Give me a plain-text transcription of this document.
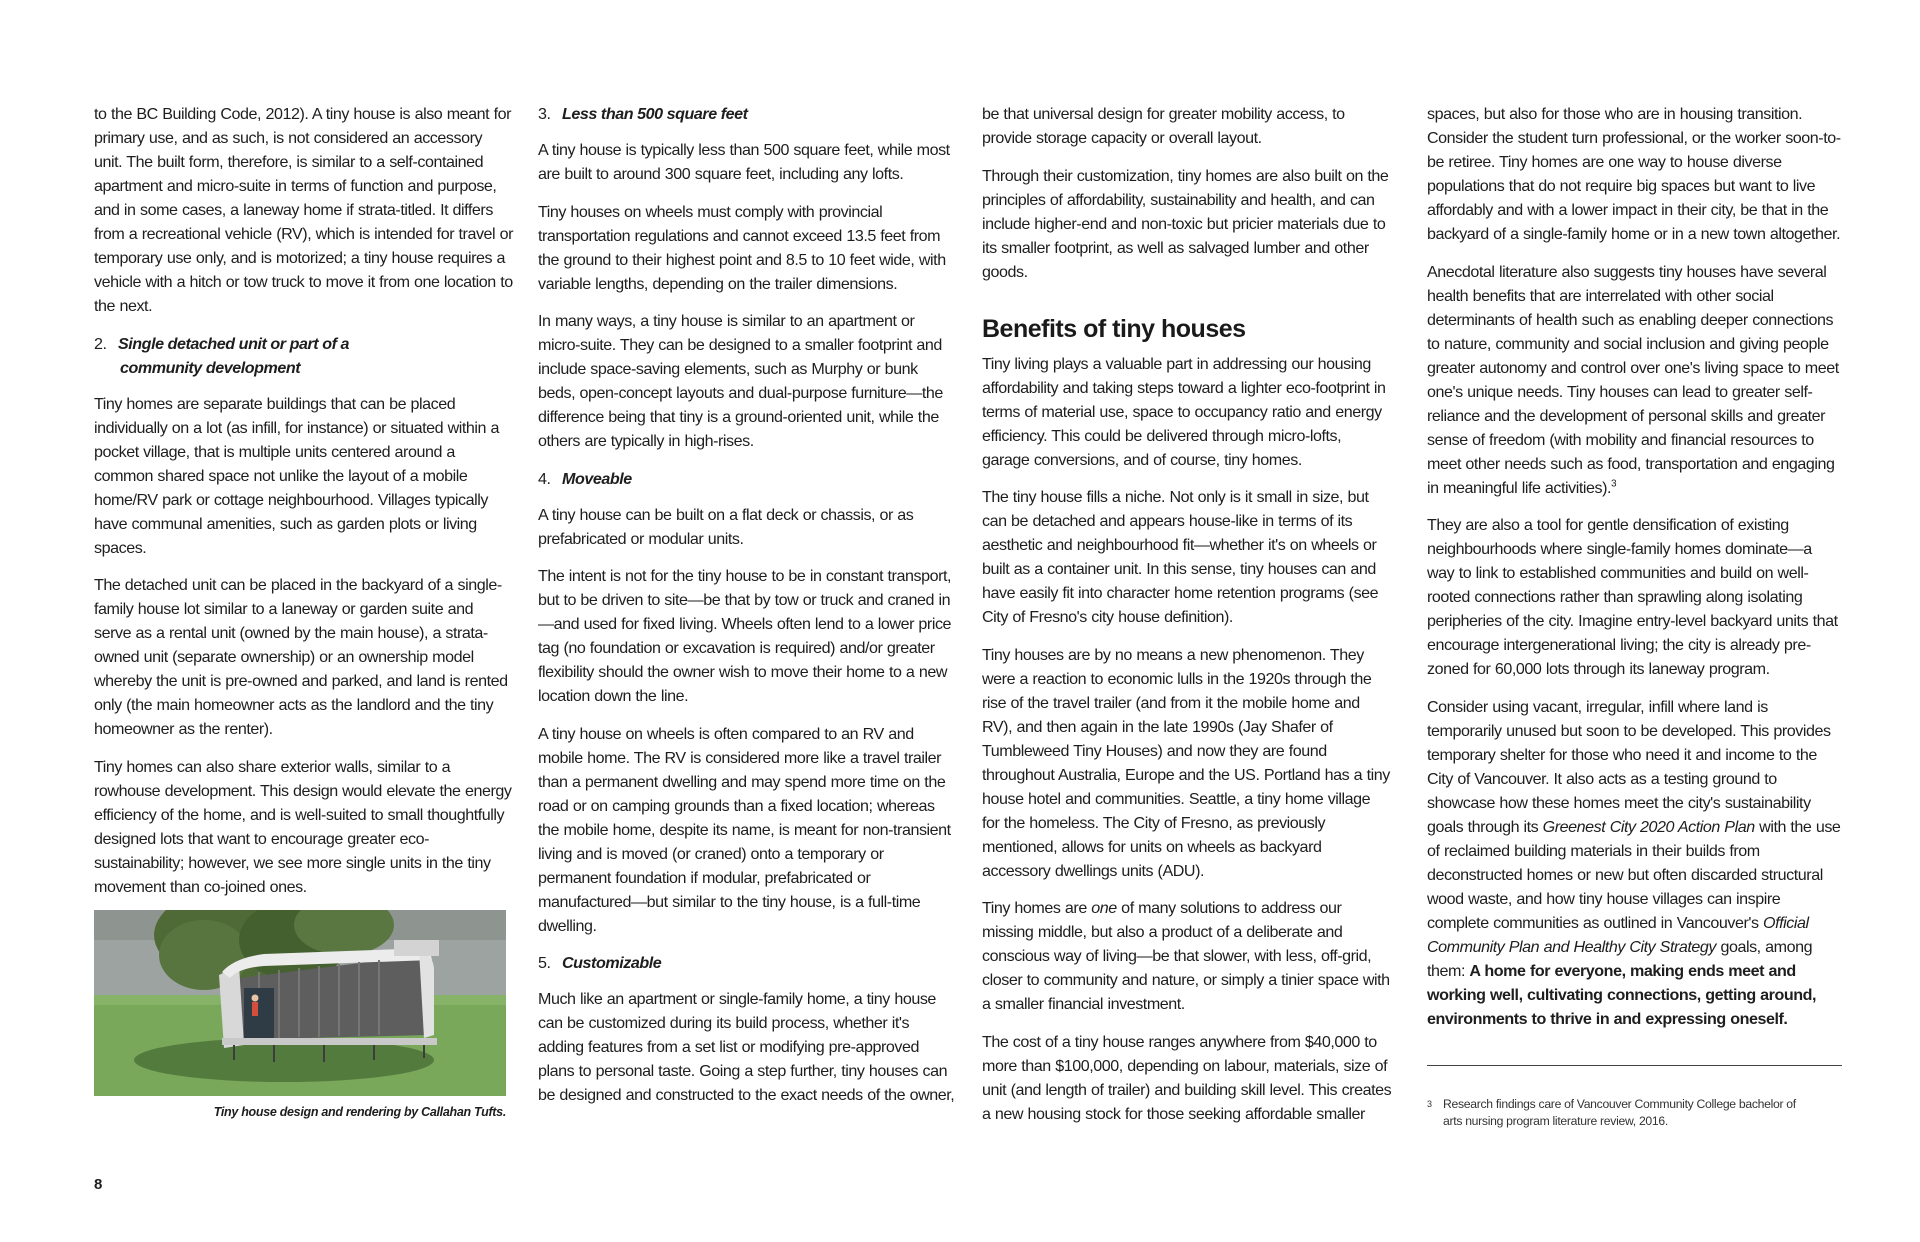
to the BC Building Code, 2012). A tiny house is also meant for primary use, and as such, is not considered an accessory unit. The built form, therefore, is similar to a self-contained apartment and micro-suite in terms of function and purpose, and in some cases, a laneway home if strata-titled. It differs from a recreational vehicle (RV), which is intended for travel or temporary use only, and is motorized; a tiny house requires a vehicle with a hitch or tow truck to move it from one location to the next.

2. Single detached unit or part of a
community development

Tiny homes are separate buildings that can be placed individually on a lot (as infill, for instance) or situated within a pocket village, that is multiple units centered around a common shared space not unlike the layout of a mobile home/RV park or cottage neighbourhood. Villages typically have communal amenities, such as garden plots or living spaces.

The detached unit can be placed in the backyard of a single-family house lot similar to a laneway or garden suite and serve as a rental unit (owned by the main house), a strata-owned unit (separate ownership) or an ownership model whereby the unit is pre-owned and parked, and land is rented only (the main homeowner acts as the landlord and the tiny homeowner as the renter).

Tiny homes can also share exterior walls, similar to a rowhouse development. This design would elevate the energy efficiency of the home, and is well-suited to small thoughtfully designed lots that want to encourage greater eco-sustainability; however, we see more single units in the tiny movement than co-joined ones.

Tiny house design and rendering by Callahan Tufts.
3. Less than 500 square feet

A tiny house is typically less than 500 square feet, while most are built to around 300 square feet, including any lofts.

Tiny houses on wheels must comply with provincial transportation regulations and cannot exceed 13.5 feet from the ground to their highest point and 8.5 to 10 feet wide, with variable lengths, depending on the trailer dimensions.

In many ways, a tiny house is similar to an apartment or micro-suite. They can be designed to a smaller footprint and include space-saving elements, such as Murphy or bunk beds, open-concept layouts and dual-purpose furniture—the difference being that tiny is a ground-oriented unit, while the others are typically in high-rises.

4. Moveable

A tiny house can be built on a flat deck or chassis, or as prefabricated or modular units.

The intent is not for the tiny house to be in constant transport, but to be driven to site—be that by tow or truck and craned in—and used for fixed living. Wheels often lend to a lower price tag (no foundation or excavation is required) and/or greater flexibility should the owner wish to move their home to a new location down the line.

A tiny house on wheels is often compared to an RV and mobile home. The RV is considered more like a travel trailer than a permanent dwelling and may spend more time on the road or on camping grounds than a fixed location; whereas the mobile home, despite its name, is meant for non-transient living and is moved (or craned) onto a temporary or permanent foundation if modular, prefabricated or manufactured—but similar to the tiny house, is a full-time dwelling.

5. Customizable

Much like an apartment or single-family home, a tiny house can be customized during its build process, whether it's adding features from a set list or modifying pre-approved plans to personal taste. Going a step further, tiny houses can be designed and constructed to the exact needs of the owner,

be that universal design for greater mobility access, to provide storage capacity or overall layout.

Through their customization, tiny homes are also built on the principles of affordability, sustainability and health, and can include higher-end and non-toxic but pricier materials due to its smaller footprint, as well as salvaged lumber and other goods.

Benefits of tiny houses

Tiny living plays a valuable part in addressing our housing affordability and taking steps toward a lighter eco-footprint in terms of material use, space to occupancy ratio and energy efficiency. This could be delivered through micro-lofts, garage conversions, and of course, tiny homes.

The tiny house fills a niche. Not only is it small in size, but can be detached and appears house-like in terms of its aesthetic and neighbourhood fit—whether it's on wheels or built as a container unit. In this sense, tiny houses can and have easily fit into character home retention programs (see City of Fresno's city house definition).

Tiny houses are by no means a new phenomenon. They were a reaction to economic lulls in the 1920s through the rise of the travel trailer (and from it the mobile home and RV), and then again in the late 1990s (Jay Shafer of Tumbleweed Tiny Houses) and now they are found throughout Australia, Europe and the US. Portland has a tiny house hotel and communities. Seattle, a tiny home village for the homeless. The City of Fresno, as previously mentioned, allows for units on wheels as backyard accessory dwellings units (ADU).

Tiny homes are one of many solutions to address our missing middle, but also a product of a deliberate and conscious way of living—be that slower, with less, off-grid, closer to community and nature, or simply a tinier space with a smaller financial investment.

The cost of a tiny house ranges anywhere from $40,000 to more than $100,000, depending on labour, materials, size of unit (and length of trailer) and building skill level. This creates a new housing stock for those seeking affordable smaller

spaces, but also for those who are in housing transition. Consider the student turn professional, or the worker soon-to-be retiree. Tiny homes are one way to house diverse populations that do not require big spaces but want to live affordably and with a lower impact in their city, be that in the backyard of a single-family home or in a new town altogether.

Anecdotal literature also suggests tiny houses have several health benefits that are interrelated with other social determinants of health such as enabling deeper connections to nature, community and social inclusion and giving people greater autonomy and control over one's living space to meet one's unique needs. Tiny houses can lead to greater self-reliance and the development of personal skills and greater sense of freedom (with mobility and financial resources to meet other needs such as food, transportation and engaging in meaningful life activities).$^3$

They are also a tool for gentle densification of existing neighbourhoods where single-family homes dominate—a way to link to established communities and build on well-rooted connections rather than sprawling along isolating peripheries of the city. Imagine entry-level backyard units that encourage intergenerational living; the city is already pre-zoned for 60,000 lots through its laneway program.

Consider using vacant, irregular, infill where land is temporarily unused but soon to be developed. This provides temporary shelter for those who need it and income to the City of Vancouver. It also acts as a testing ground to showcase how these homes meet the city's sustainability goals through its Greenest City 2020 Action Plan with the use of reclaimed building materials in their builds from deconstructed homes or new but often discarded structural wood waste, and how tiny house villages can inspire complete communities as outlined in Vancouver's Official Community Plan and Healthy City Strategy goals, among them: A home for everyone, making ends meet and working well, cultivating connections, getting around, environments to thrive in and expressing oneself.

3 Research findings care of Vancouver Community College bachelor of arts nursing program literature review, 2016.
8
